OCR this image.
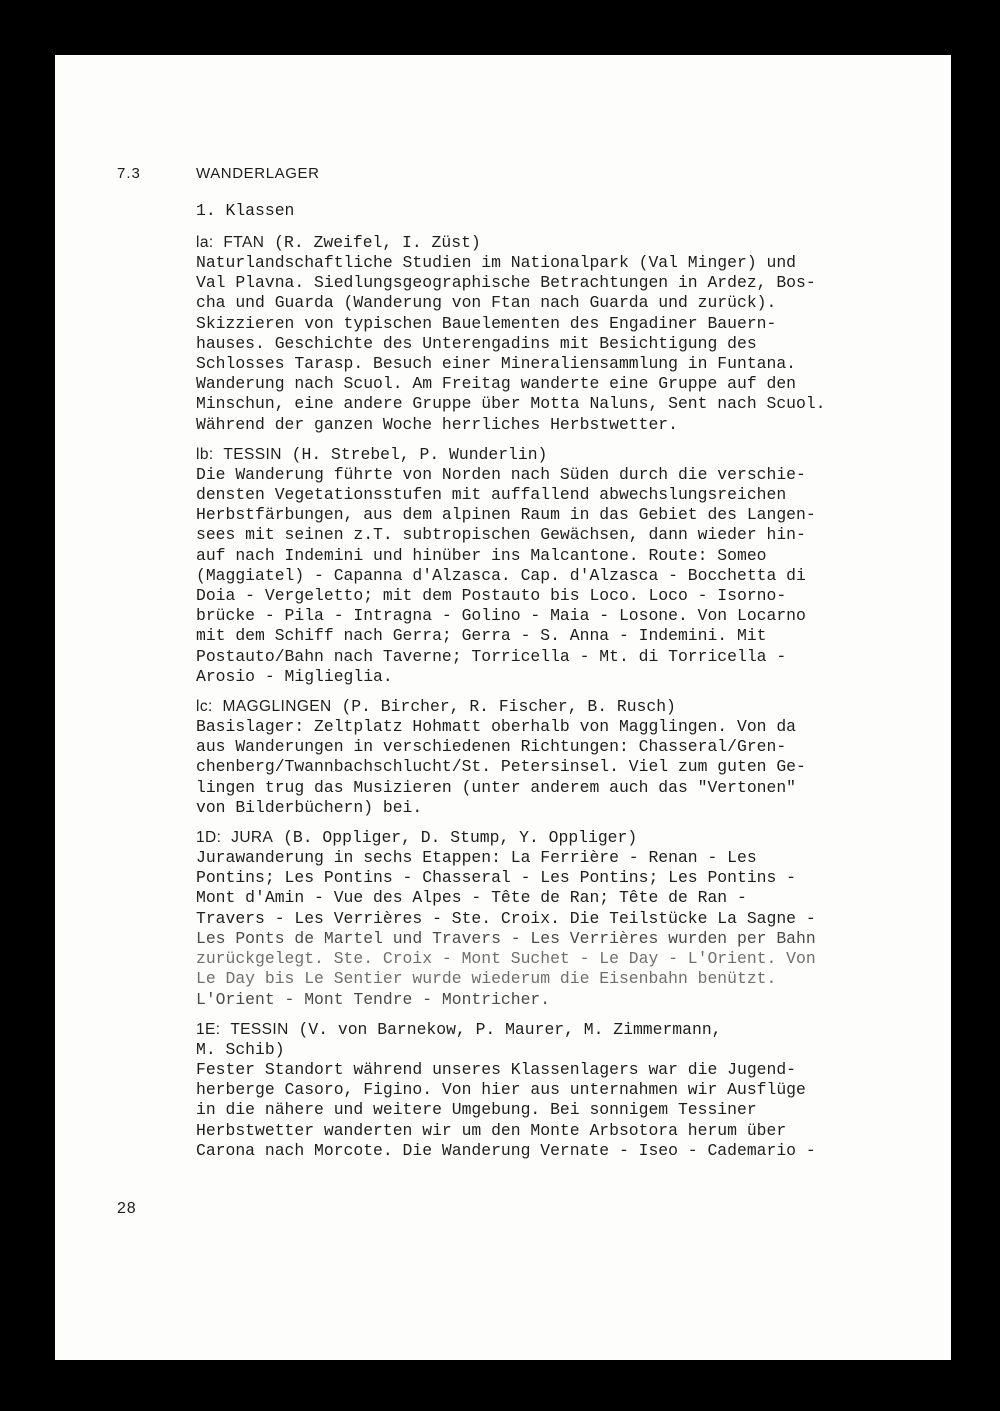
7.3	WANDERLAGER
1. Klassen
la: FTAN (R. Zweifel, I. Züst)
Naturlandschaftliche Studien im Nationalpark (Val Minger) und
Val Plavna. Siedlungsgeographische Betrachtungen in Ardez, Bos-
cha und Guarda (Wanderung von Ftan nach Guarda und zurück).
Skizzieren von typischen Bauelementen des Engadiner Bauern-
hauses. Geschichte des Unterengadins mit Besichtigung des
Schlosses Tarasp. Besuch einer Mineraliensammlung in Funtana.
Wanderung nach Scuol. Am Freitag wanderte eine Gruppe auf den
Minschun, eine andere Gruppe über Motta Naluns, Sent nach Scuol.
Während der ganzen Woche herrliches Herbstwetter.
lb: TESSIN (H. Strebel, P. Wunderlin)
Die Wanderung führte von Norden nach Süden durch die verschie-
densten Vegetationsstufen mit auffallend abwechslungsreichen
Herbstfärbungen, aus dem alpinen Raum in das Gebiet des Langen-
sees mit seinen z.T. subtropischen Gewächsen, dann wieder hin-
auf nach Indemini und hinüber ins Malcantone. Route: Someo
(Maggiatel) - Capanna d'Alzasca. Cap. d'Alzasca - Bocchetta di
Doia - Vergeletto; mit dem Postauto bis Loco. Loco - Isorno-
brücke - Pila - Intragna - Golino - Maia - Losone. Von Locarno
mit dem Schiff nach Gerra; Gerra - S. Anna - Indemini. Mit
Postauto/Bahn nach Taverne; Torricella - Mt. di Torricella -
Arosio - Miglieglia.
lc: MAGGLINGEN (P. Bircher, R. Fischer, B. Rusch)
Basislager: Zeltplatz Hohmatt oberhalb von Magglingen. Von da
aus Wanderungen in verschiedenen Richtungen: Chasseral/Gren-
chenberg/Twannbachschlucht/St. Petersinsel. Viel zum guten Ge-
lingen trug das Musizieren (unter anderem auch das "Vertonen"
von Bilderbüchern) bei.
1D: JURA (B. Oppliger, D. Stump, Y. Oppliger)
Jurawanderung in sechs Etappen: La Ferrière - Renan - Les
Pontins; Les Pontins - Chasseral - Les Pontins; Les Pontins -
Mont d'Amin - Vue des Alpes - Tête de Ran; Tête de Ran -
Travers - Les Verrières - Ste. Croix. Die Teilstücke La Sagne -
Les Ponts de Martel und Travers - Les Verrières wurden per Bahn
zurückgelegt. Ste. Croix - Mont Suchet - Le Day - L'Orient. Von
Le Day bis Le Sentier wurde wiederum die Eisenbahn benützt.
L'Orient - Mont Tendre - Montricher.
1E: TESSIN (V. von Barnekow, P. Maurer, M. Zimmermann,
M. Schib)
Fester Standort während unseres Klassenlagers war die Jugend-
herberge Casoro, Figino. Von hier aus unternahmen wir Ausflüge
in die nähere und weitere Umgebung. Bei sonnigem Tessiner
Herbstwetter wanderten wir um den Monte Arbsotora herum über
Carona nach Morcote. Die Wanderung Vernate - Iseo - Cademario -
28
